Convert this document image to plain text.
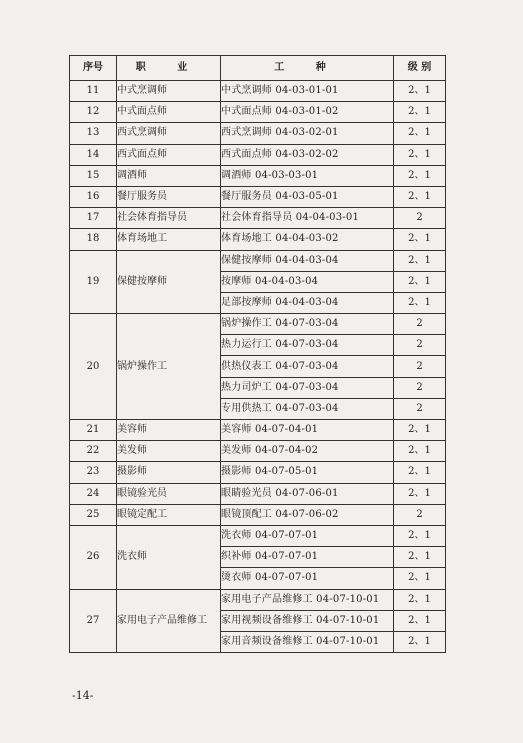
序号	职 业	工 种	级 别
11	中式烹调师	中式烹调师 04-03-01-01	2、1
12	中式面点师	中式面点师 04-03-01-02	2、1
13	西式烹调师	西式烹调师 04-03-02-01	2、1
14	西式面点师	西式面点师 04-03-02-02	2、1
15	调酒师	调酒师 04-03-03-01	2、1
16	餐厅服务员	餐厅服务员 04-03-05-01	2、1
17	社会体育指导员	社会体育指导员 04-04-03-01	2
18	体育场地工	体育场地工 04-04-03-02	2、1
19	保健按摩师	保健按摩师 04-04-03-04	2、1
		按摩师 04-04-03-04	2、1
		足部按摩师 04-04-03-04	2、1
20	锅炉操作工	锅炉操作工 04-07-03-04	2
		热力运行工 04-07-03-04	2
		供热仪表工 04-07-03-04	2
		热力司炉工 04-07-03-04	2
		专用供热工 04-07-03-04	2
21	美容师	美容师 04-07-04-01	2、1
22	美发师	美发师 04-07-04-02	2、1
23	摄影师	摄影师 04-07-05-01	2、1
24	眼镜验光员	眼睛验光员 04-07-06-01	2、1
25	眼镜定配工	眼镜顶配工 04-07-06-02	2
26	洗衣师	洗衣师 04-07-07-01	2、1
		织补师 04-07-07-01	2、1
		烫衣师 04-07-07-01	2、1
27	家用电子产品维修工	家用电子产品维修工 04-07-10-01	2、1
		家用视频设备维修工 04-07-10-01	2、1
		家用音频设备维修工 04-07-10-01	2、1
-14-
